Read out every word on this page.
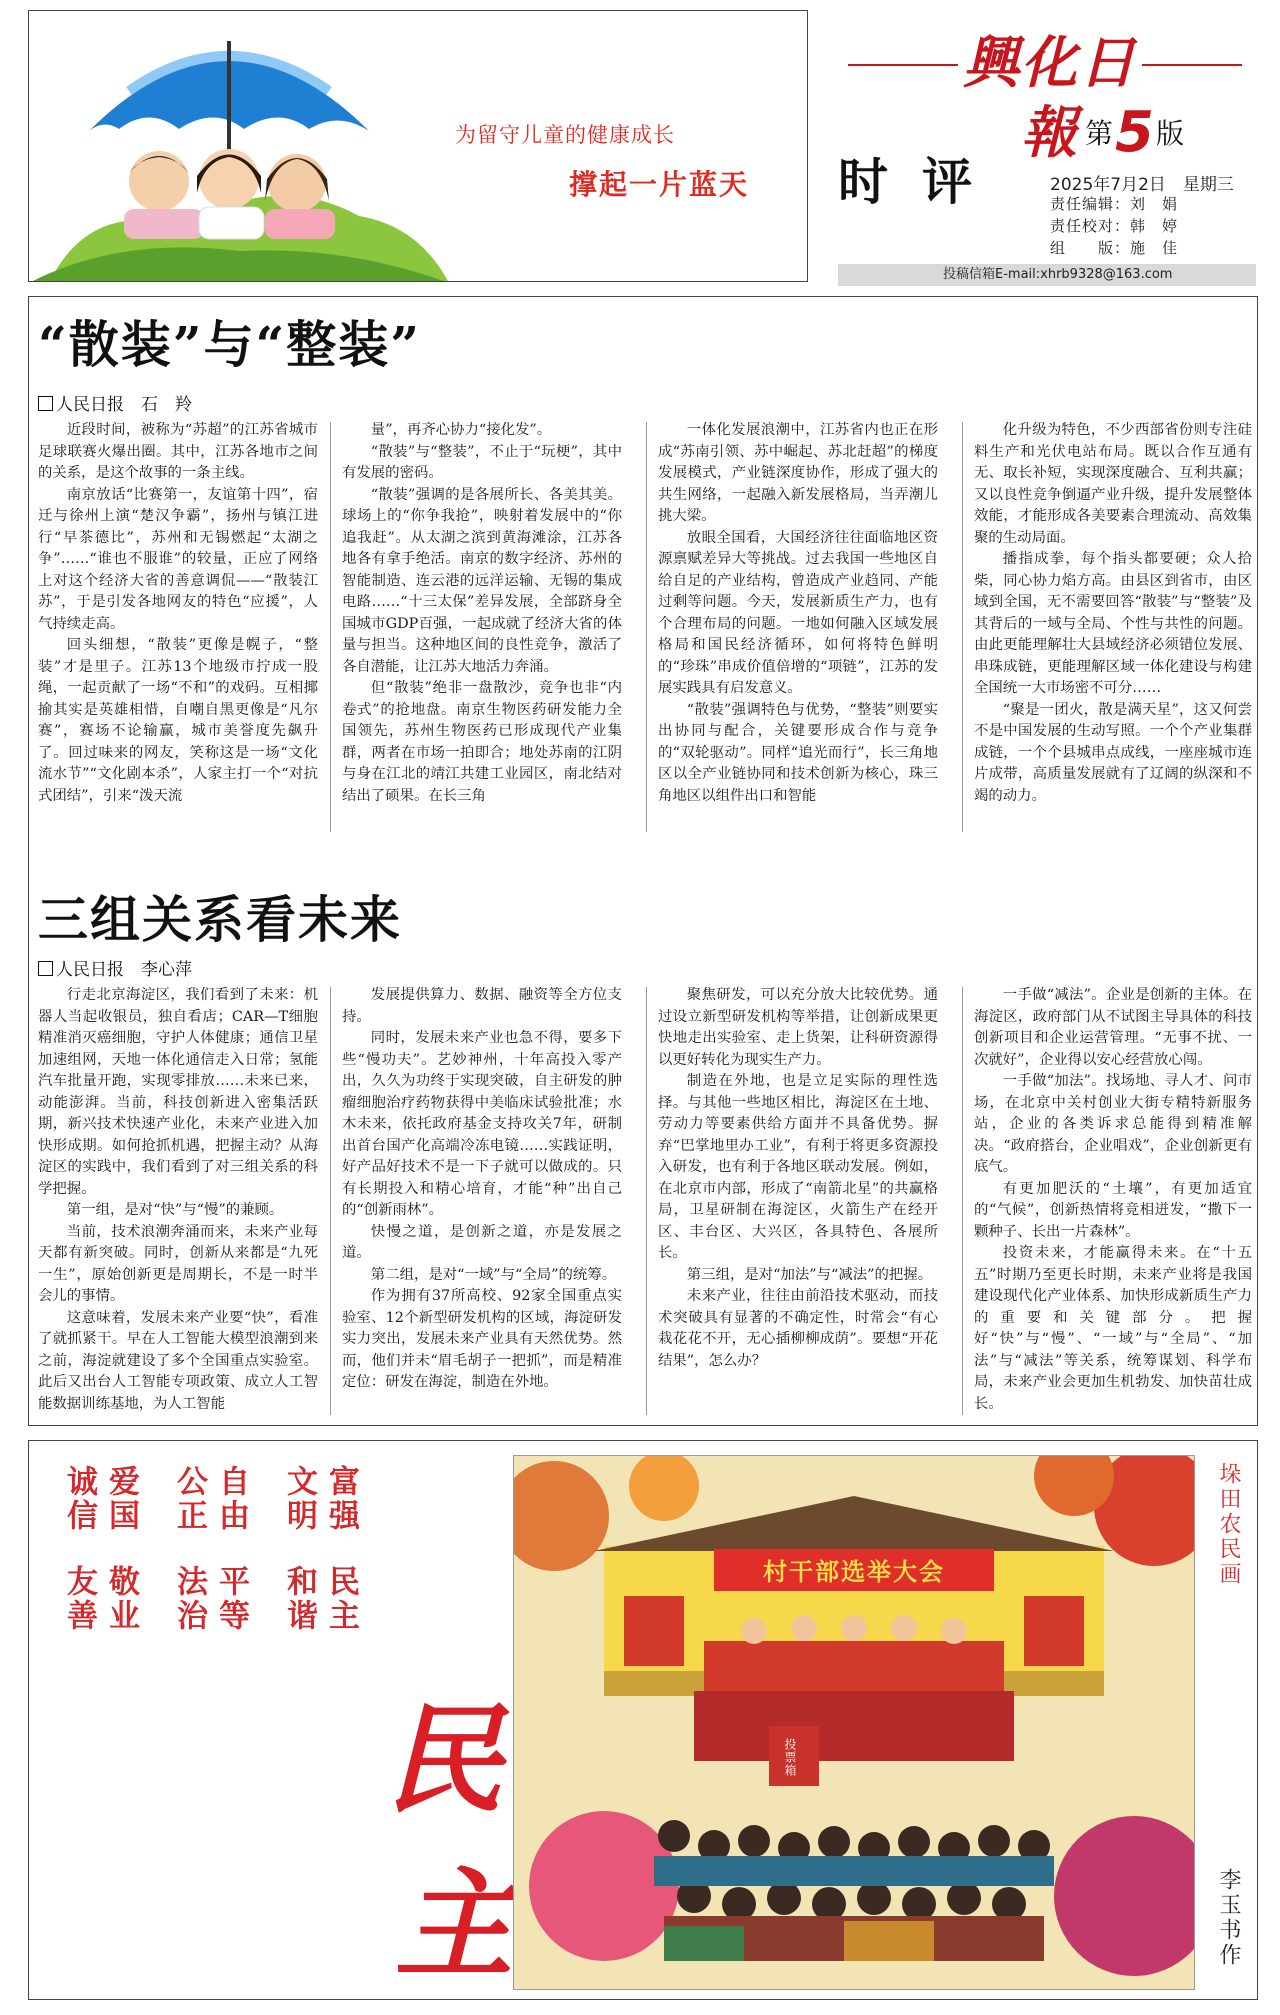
为留守儿童的健康成长
撑起一片蓝天
興化日報
时评
第5版
2025年7月2日　星期三
责任编辑：刘　娟
责任校对：韩　婷
组　　版：施　佳
投稿信箱E-mail:xhrb9328@163.com
“散装”与“整装”
人民日报　 石　羚

近段时间，被称为“苏超”的江苏省城市足球联赛火爆出圈。其中，江苏各地市之间的关系，是这个故事的一条主线。

南京放话“比赛第一，友谊第十四”，宿迁与徐州上演“楚汉争霸”，扬州与镇江进行“早茶德比”，苏州和无锡燃起“太湖之争”……“谁也不服谁”的较量，正应了网络上对这个经济大省的善意调侃——“散装江苏”，于是引发各地网友的特色“应援”，人气持续走高。

回头细想，“散装”更像是幌子，“整装”才是里子。江苏13个地级市拧成一股绳，一起贡献了一场“不和”的戏码。互相揶揄其实是英雄相惜，自嘲自黑更像是“凡尔赛”，赛场不论输赢，城市美誉度先飙升了。回过味来的网友，笑称这是一场“文化流水节”“文化剧本杀”，人家主打一个“对抗式团结”，引来“泼天流

量”，再齐心协力“接化发”。

“散装”与“整装”，不止于“玩梗”，其中有发展的密码。

“散装”强调的是各展所长、各美其美。球场上的“你争我抢”，映射着发展中的“你追我赶”。从太湖之滨到黄海滩涂，江苏各地各有拿手绝活。南京的数字经济、苏州的智能制造、连云港的远洋运输、无锡的集成电路……“十三太保”差异发展，全部跻身全国城市GDP百强，一起成就了经济大省的体量与担当。这种地区间的良性竞争，激活了各自潜能，让江苏大地活力奔涌。

但“散装”绝非一盘散沙，竞争也非“内卷式”的抢地盘。南京生物医药研发能力全国领先，苏州生物医药已形成现代产业集群，两者在市场一拍即合；地处苏南的江阴与身在江北的靖江共建工业园区，南北结对结出了硕果。在长三角

一体化发展浪潮中，江苏省内也正在形成“苏南引领、苏中崛起、苏北赶超”的梯度发展模式，产业链深度协作，形成了强大的共生网络，一起融入新发展格局，当弄潮儿挑大梁。

放眼全国看，大国经济往往面临地区资源禀赋差异大等挑战。过去我国一些地区自给自足的产业结构，曾造成产业趋同、产能过剩等问题。今天，发展新质生产力，也有个合理布局的问题。一地如何融入区域发展格局和国民经济循环，如何将特色鲜明的“珍珠”串成价值倍增的“项链”，江苏的发展实践具有启发意义。

“散装”强调特色与优势，“整装”则要实出协同与配合，关键要形成合作与竞争的“双轮驱动”。同样“追光而行”，长三角地区以全产业链协同和技术创新为核心，珠三角地区以组件出口和智能

化升级为特色，不少西部省份则专注硅料生产和光伏电站布局。既以合作互通有无、取长补短，实现深度融合、互利共赢；又以良性竞争倒逼产业升级，提升发展整体效能，才能形成各美要素合理流动、高效集聚的生动局面。

播指成拳，每个指头都要硬；众人拾柴，同心协力焰方高。由县区到省市，由区域到全国，无不需要回答“散装”与“整装”及其背后的一域与全局、个性与共性的问题。由此更能理解壮大县域经济必须错位发展、串珠成链，更能理解区域一体化建设与构建全国统一大市场密不可分……

“聚是一团火，散是满天星”，这又何尝不是中国发展的生动写照。一个个产业集群成链，一个个县城串点成线，一座座城市连片成带，高质量发展就有了辽阔的纵深和不竭的动力。

三组关系看未来
人民日报　 李心萍

行走北京海淀区，我们看到了未来：机器人当起收银员，独自看店；CAR—T细胞精准消灭癌细胞，守护人体健康；通信卫星加速组网，天地一体化通信走入日常；氢能汽车批量开跑，实现零排放……未来已来，动能澎湃。当前，科技创新进入密集活跃期，新兴技术快速产业化，未来产业进入加快形成期。如何抢抓机遇，把握主动？从海淀区的实践中，我们看到了对三组关系的科学把握。

第一组，是对“快”与“慢”的兼顾。

当前，技术浪潮奔涌而来，未来产业每天都有新突破。同时，创新从来都是“九死一生”，原始创新更是周期长，不是一时半会儿的事情。

这意味着，发展未来产业要“快”，看准了就抓紧干。早在人工智能大模型浪潮到来之前，海淀就建设了多个全国重点实验室。此后又出台人工智能专项政策、成立人工智能数据训练基地，为人工智能

发展提供算力、数据、融资等全方位支持。

同时，发展未来产业也急不得，要多下些“慢功夫”。艺妙神州，十年高投入零产出，久久为功终于实现突破，自主研发的肿瘤细胞治疗药物获得中美临床试验批准；水木未来，依托政府基金支持攻关7年，研制出首台国产化高端冷冻电镜……实践证明，好产品好技术不是一下子就可以做成的。只有长期投入和精心培育，才能“种”出自己的“创新雨林”。

快慢之道，是创新之道，亦是发展之道。

第二组，是对“一域”与“全局”的统筹。

作为拥有37所高校、92家全国重点实验室、12个新型研发机构的区域，海淀研发实力突出，发展未来产业具有天然优势。然而，他们并未“眉毛胡子一把抓”，而是精准定位：研发在海淀，制造在外地。

聚焦研发，可以充分放大比较优势。通过设立新型研发机构等举措，让创新成果更快地走出实验室、走上货架，让科研资源得以更好转化为现实生产力。

制造在外地，也是立足实际的理性选择。与其他一些地区相比，海淀区在土地、劳动力等要素供给方面并不具备优势。摒弃“巴掌地里办工业”，有利于将更多资源投入研发，也有利于各地区联动发展。例如，在北京市内部，形成了“南箭北星”的共赢格局，卫星研制在海淀区，火箭生产在经开区、丰台区、大兴区，各具特色、各展所长。

第三组，是对“加法”与“减法”的把握。

未来产业，往往由前沿技术驱动，而技术突破具有显著的不确定性，时常会“有心栽花花不开，无心插柳柳成荫”。要想“开花结果”，怎么办？

一手做“减法”。企业是创新的主体。在海淀区，政府部门从不试图主导具体的科技创新项目和企业运营管理。“无事不扰、一次就好”，企业得以安心经营放心闯。

一手做“加法”。找场地、寻人才、问市场，在北京中关村创业大街专精特新服务站，企业的各类诉求总能得到精准解决。“政府搭台，企业唱戏”，企业创新更有底气。

有更加肥沃的“土壤”，有更加适宜的“气候”，创新热情将竞相迸发，“撒下一颗种子、长出一片森林”。

投资未来，才能赢得未来。在“十五五”时期乃至更长时期，未来产业将是我国建设现代化产业体系、加快形成新质生产力的重要和关键部分。把握好“快”与“慢”、“一域”与“全局”、“加法”与“减法”等关系，统筹谋划、科学布局，未来产业会更加生机勃发、加快苗壮成长。

诚信 爱国 公正 自由 文明 富强
友善 敬业 法治 平等 和谐 民主
民
主
村干部选举大会
投票箱
垛田农民画
李玉书作
